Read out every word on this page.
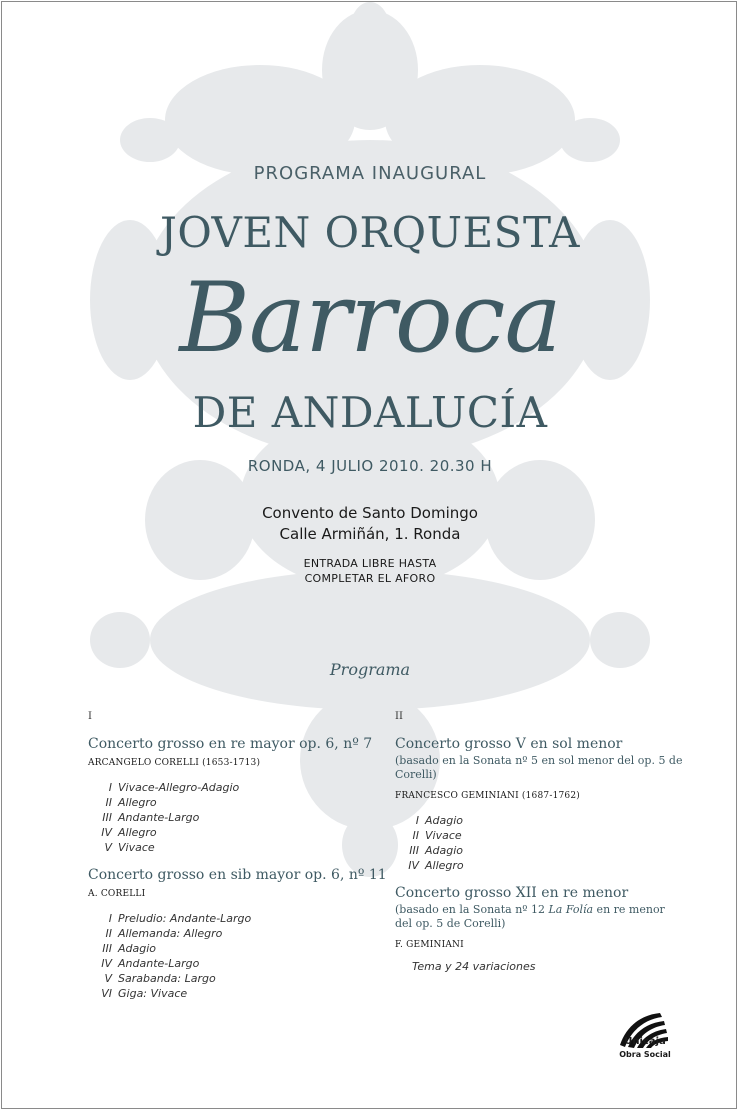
PROGRAMA INAUGURAL
JOVEN ORQUESTA
Barroca
DE ANDALUCÍA
RONDA, 4 JULIO 2010. 20.30 H
Convento de Santo Domingo
Calle Armiñán, 1. Ronda
ENTRADA LIBRE HASTA
COMPLETAR EL AFORO
Programa
I
Concerto grosso en re mayor op. 6, nº 7
ARCANGELO CORELLI (1653-1713)
I Vivace-Allegro-Adagio
II Allegro
III Andante-Largo
IV Allegro
V Vivace
Concerto grosso en sib mayor op. 6, nº 11
A. CORELLI
I Preludio: Andante-Largo
II Allemanda: Allegro
III Adagio
IV Andante-Largo
V Sarabanda: Largo
VI Giga: Vivace
II
Concerto grosso V en sol menor
(basado en la Sonata nº 5 en sol menor del op. 5 de Corelli)
FRANCESCO GEMINIANI (1687-1762)
I Adagio
II Vivace
III Adagio
IV Allegro
Concerto grosso XII en re menor
(basado en la Sonata nº 12 La Folía en re menor del op. 5 de Corelli)
F. GEMINIANI
Tema y 24 variaciones
Unicaja
Obra Social
